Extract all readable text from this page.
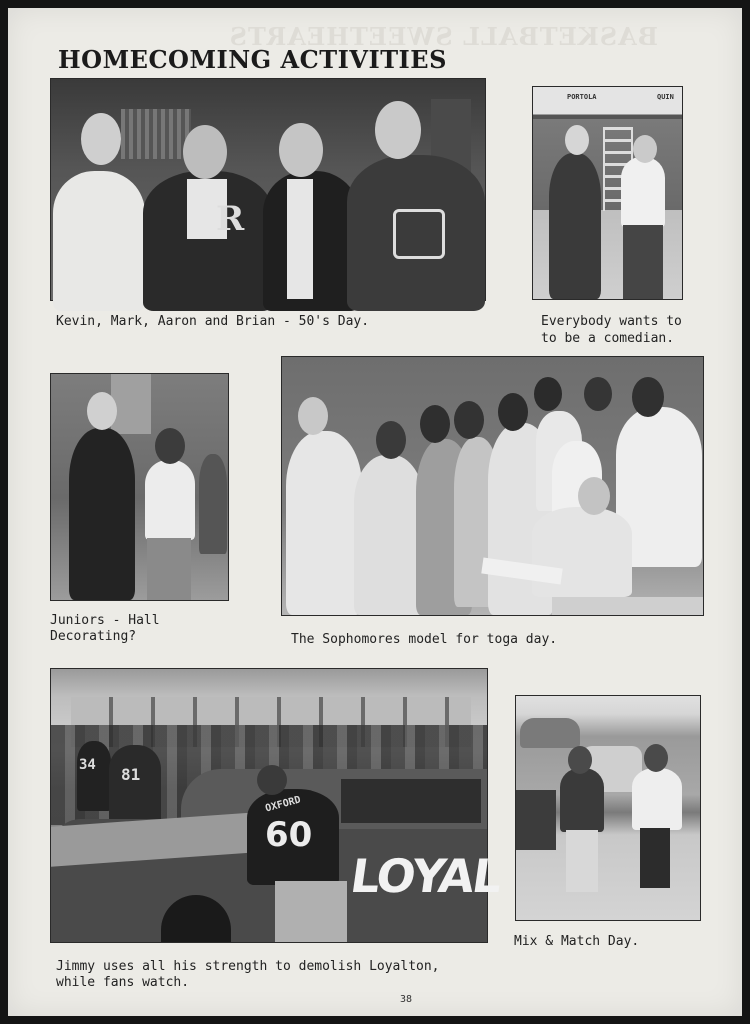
BASKETBALL SWEETHEARTS
HOMECOMING ACTIVITIES
R
Kevin, Mark, Aaron and Brian - 50's Day.
PORTOLA	QUIN
Everybody wants to
to be a comedian.
Juniors - Hall
Decorating?	The Sophomores model for toga day.
34 81
LOYAL
OXFORD
60
Jimmy uses all his strength to demolish Loyalton,
while fans watch.
Mix & Match Day.
38
